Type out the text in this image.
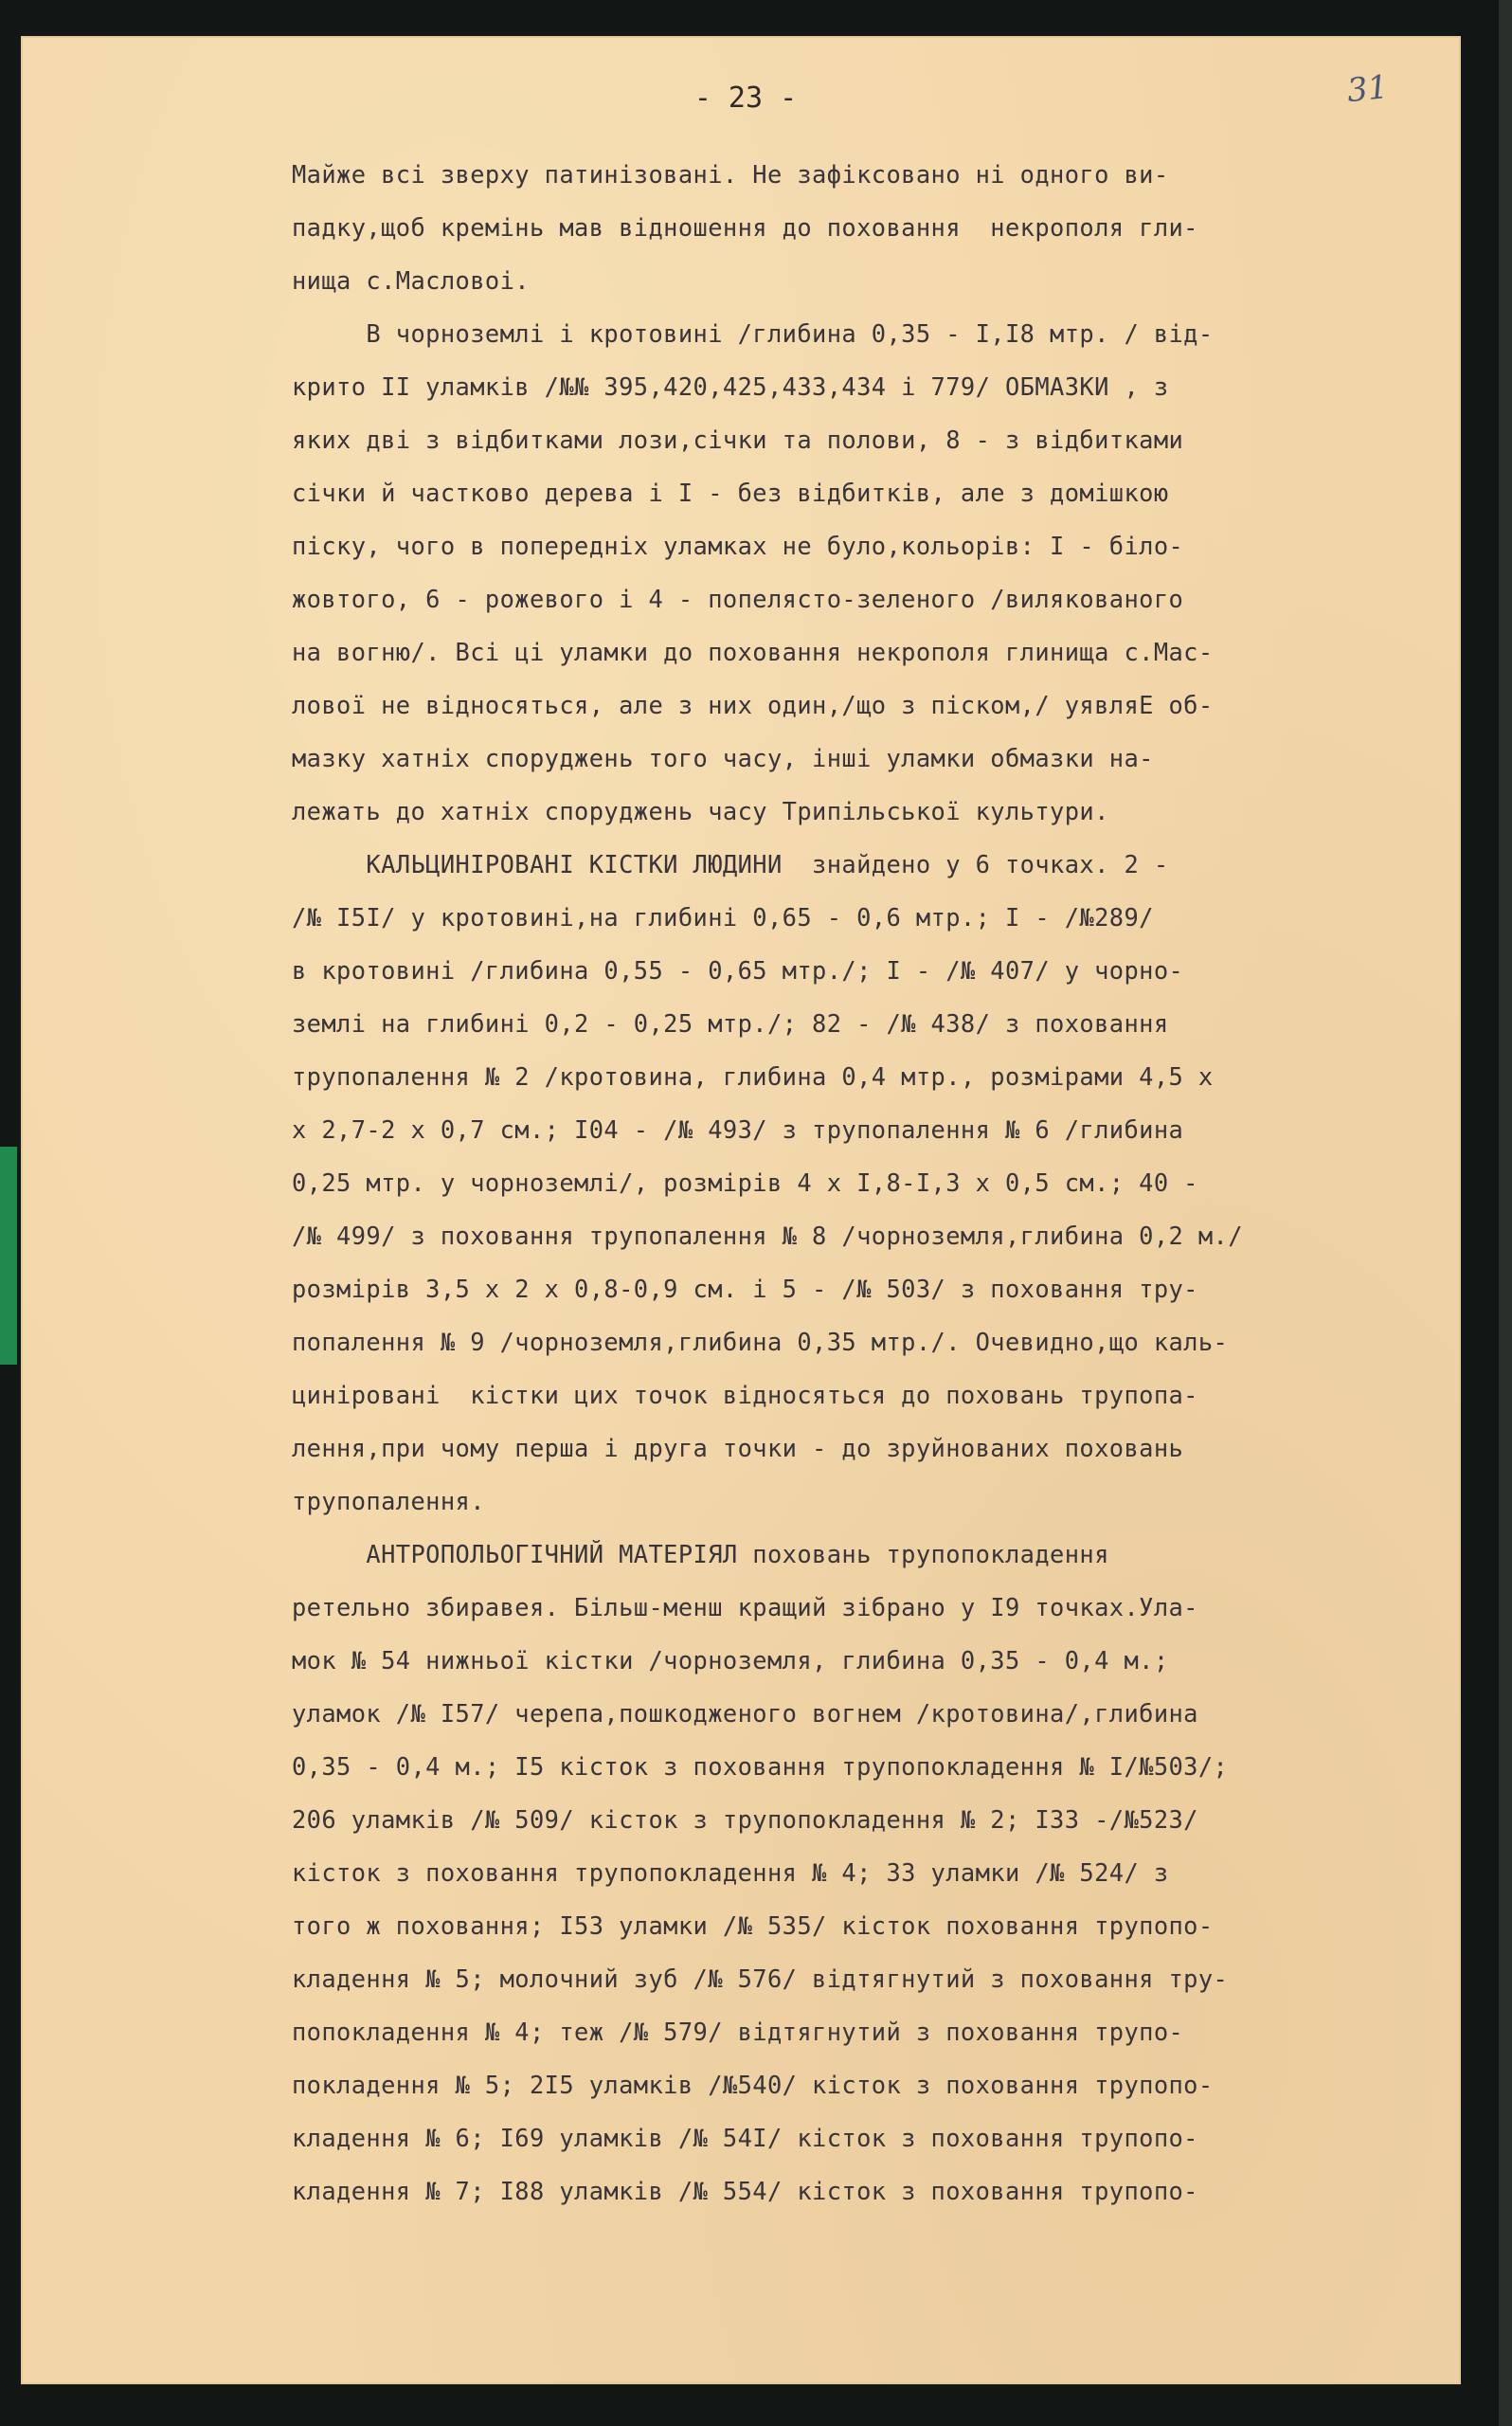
- 23 -	31
Майже всі зверху патинізовані. Не зафіксовано ні одного ви-
падку,щоб кремінь мав відношення до поховання  некрополя гли-
нища с.Масловоі.
В чорноземлі і кротовині /глибина 0,35 - I,I8 мтр. / від-
крито II уламків /№№ 395,420,425,433,434 і 779/ ОБМАЗКИ , з
яких дві з відбитками лози,січки та полови, 8 - з відбитками
січки й частково дерева і I - без відбитків, але з домішкою
піску, чого в попередніх уламках не було,кольорів: I - біло-
жовтого, 6 - рожевого і 4 - попелясто-зеленого /вилякованого
на вогню/. Всі ці уламки до поховання некрополя глинища с.Мас-
лової не відносяться, але з них один,/що з піском,/ уявляЕ об-
мазку хатніх споруджень того часу, інші уламки обмазки на-
лежать до хатніх споруджень часу Трипільської культури.
КАЛЬЦИНІРОВАНІ КІСТКИ ЛЮДИНИ  знайдено у 6 точках. 2 -
/№ I5I/ у кротовині,на глибині 0,65 - 0,6 мтр.; I - /№289/
в кротовині /глибина 0,55 - 0,65 мтр./; I - /№ 407/ у чорно-
землі на глибині 0,2 - 0,25 мтр./; 82 - /№ 438/ з поховання
трупопалення № 2 /кротовина, глибина 0,4 мтр., розмірами 4,5 х
х 2,7-2 х 0,7 см.; I04 - /№ 493/ з трупопалення № 6 /глибина
0,25 мтр. у чорноземлі/, розмірів 4 х I,8-I,3 х 0,5 см.; 40 -
/№ 499/ з поховання трупопалення № 8 /чорноземля,глибина 0,2 м./
розмірів 3,5 х 2 х 0,8-0,9 см. і 5 - /№ 503/ з поховання тру-
попалення № 9 /чорноземля,глибина 0,35 мтр./. Очевидно,що каль-
циніровані  кістки цих точок відносяться до поховань трупопа-
лення,при чому перша і друга точки - до зруйнованих поховань
трупопалення.
АНТРОПОЛЬОГІЧНИЙ МАТЕРІЯЛ поховань трупопокладення
ретельно збиравея. Більш-менш кращий зібрано у I9 точках.Ула-
мок № 54 нижньої кістки /чорноземля, глибина 0,35 - 0,4 м.;
уламок /№ I57/ черепа,пошкодженого вогнем /кротовина/,глибина
0,35 - 0,4 м.; I5 кісток з поховання трупопокладення № I/№503/;
206 уламків /№ 509/ кісток з трупопокладення № 2; I33 -/№523/
кісток з поховання трупопокладення № 4; 33 уламки /№ 524/ з
того ж поховання; I53 уламки /№ 535/ кісток поховання трупопо-
кладення № 5; молочний зуб /№ 576/ відтягнутий з поховання тру-
попокладення № 4; теж /№ 579/ відтягнутий з поховання трупо-
покладення № 5; 2I5 уламків /№540/ кісток з поховання трупопо-
кладення № 6; I69 уламків /№ 54I/ кісток з поховання трупопо-
кладення № 7; I88 уламків /№ 554/ кісток з поховання трупопо-
